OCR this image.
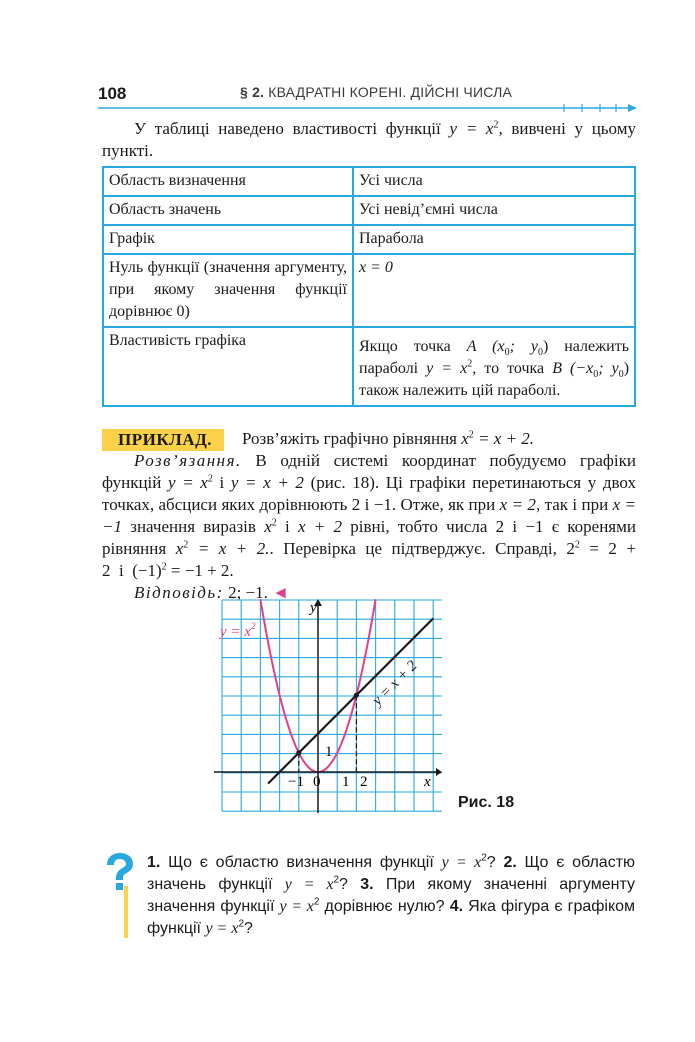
108	§ 2. КВАДРАТНІ КОРЕНІ. ДІЙСНІ ЧИСЛА

У таблиці наведено властивості функції $y = x^2$, вивчені у цьому пункті.

Область визначення	Усі числа
Область значень	Усі невід’ємні числа
Графік	Парабола
Нуль функції (значення аргументу, при якому значення функції дорівнює 0)	x = 0
Властивість графіка	Якщо точка A ($x_0$; $y_0$) належить параболі $y = x^2$, то точка B ($-x_0$; $y_0$) також належить цій параболі.
ПРИКЛАД.	Розв’яжіть графічно рівняння $x^2 = x + 2$.

Розв’язання. В одній системі координат побудуємо графіки функцій $y = x^2$ і y = x + 2 (рис. 18). Ці графіки перетинаються у двох точках, абсциси яких дорівнюють 2 і −1. Отже, як при x = 2, так і при x = −1 значення виразів $x^2$ і x + 2 рівні, тобто числа 2 і −1 є коренями рівняння $x^2 = x + 2$.. Перевірка це підтверджує. Справді, $2^2 = 2 + 2$  і  $(-1)^2 = -1 + 2$.

Відповідь: 2; −1. ◄

$y = x^2$
y = x + 2
x
y
−1 0 1 2
1
Рис. 18

1. Що є областю визначення функції $y = x^2$? 2. Що є областю значень функції $y = x^2$? 3. При якому значенні аргументу значення функції $y = x^2$ дорівнює нулю? 4. Яка фігура є графіком функції $y = x^2$?
